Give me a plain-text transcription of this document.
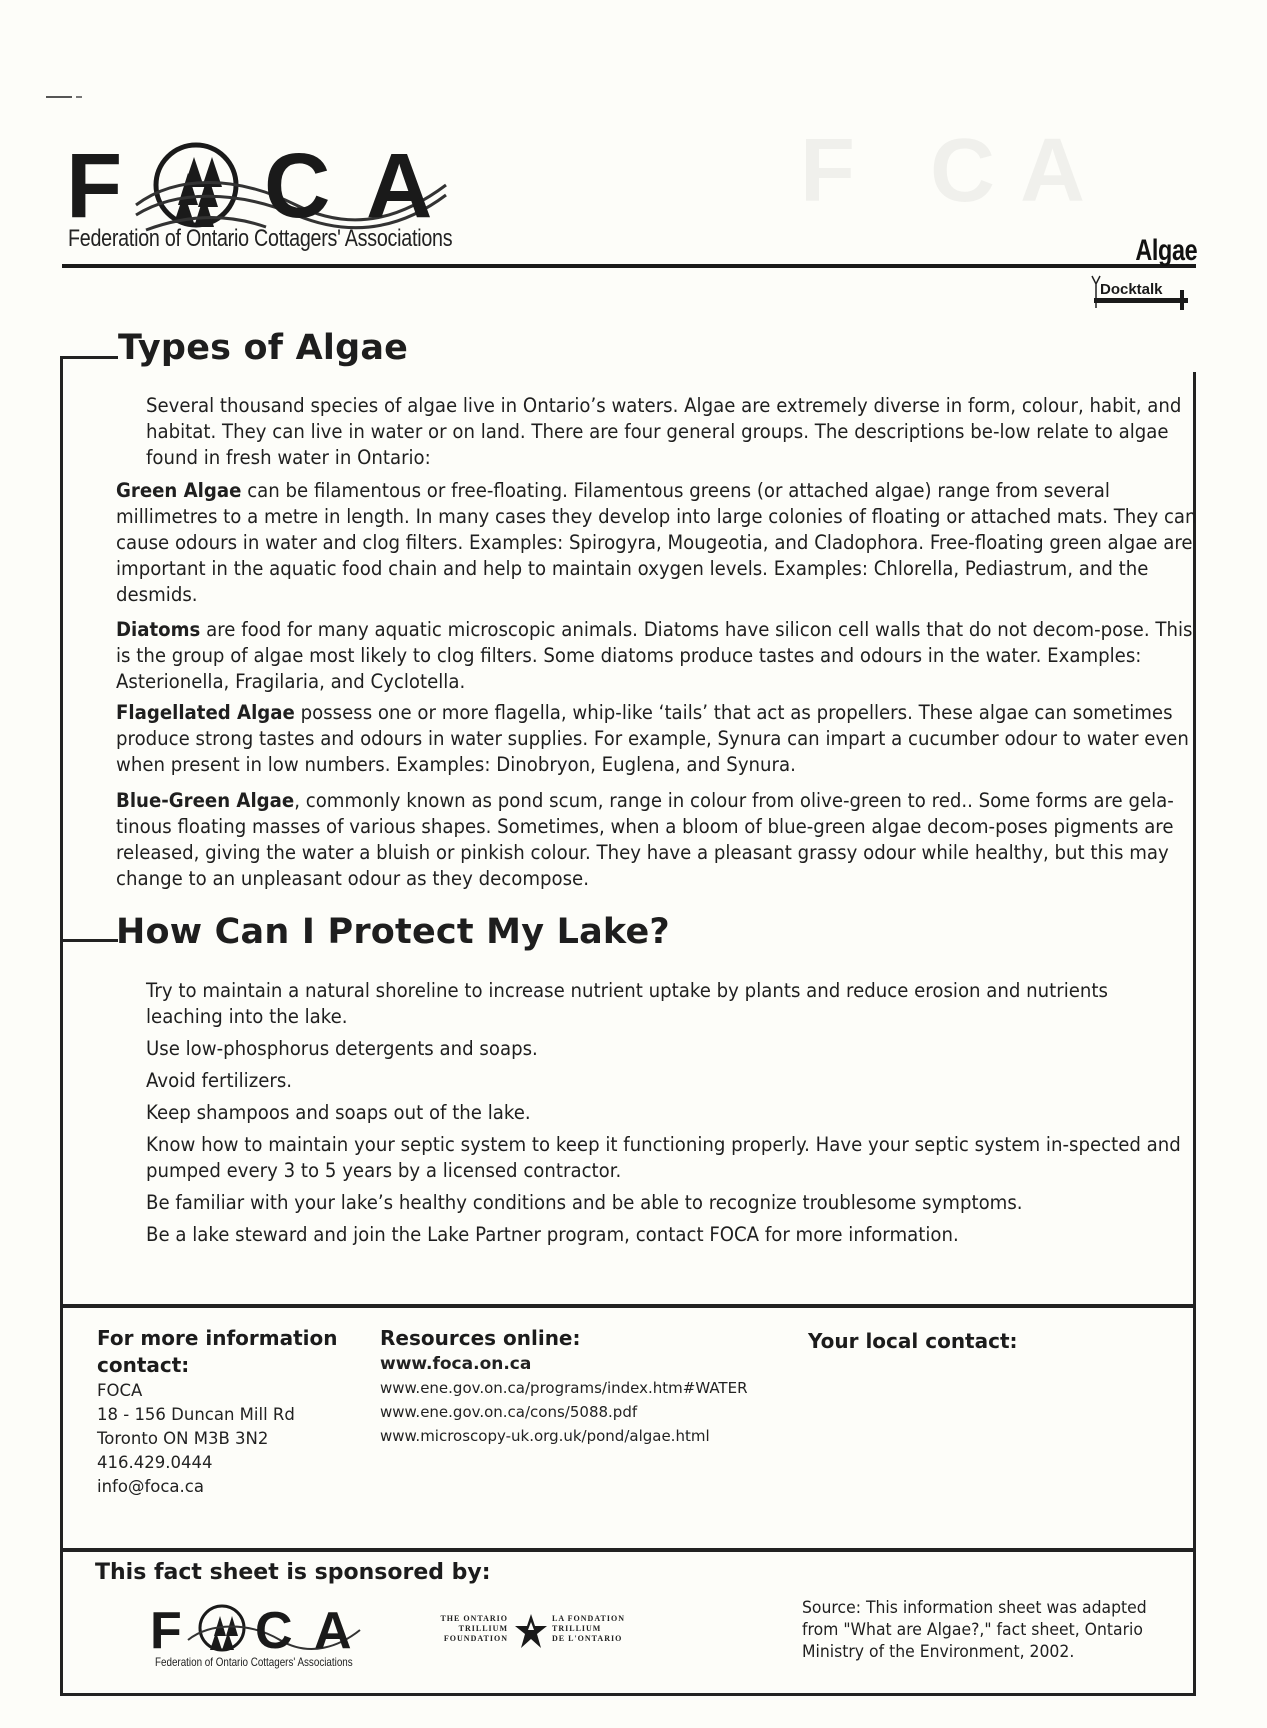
F   C A
F C A
Federation of Ontario Cottagers' Associations	Algae
Docktalk
Types of Algae
Several thousand species of algae live in Ontario’s waters. Algae are extremely diverse in form, colour, habit, and habitat. They can live in water or on land. There are four general groups. The descriptions be-low relate to algae found in fresh water in Ontario:
Green Algae can be filamentous or free-floating. Filamentous greens (or attached algae) range from several millimetres to a metre in length. In many cases they develop into large colonies of floating or attached mats. They can cause odours in water and clog filters. Examples: Spirogyra, Mougeotia, and Cladophora. Free-floating green algae are important in the aquatic food chain and help to maintain oxygen levels. Examples: Chlorella, Pediastrum, and the desmids.
Diatoms are food for many aquatic microscopic animals. Diatoms have silicon cell walls that do not decom-pose. This is the group of algae most likely to clog filters. Some diatoms produce tastes and odours in the water. Examples: Asterionella, Fragilaria, and Cyclotella.
Flagellated Algae possess one or more flagella, whip-like ‘tails’ that act as propellers. These algae can sometimes produce strong tastes and odours in water supplies. For example, Synura can impart a cucumber odour to water even when present in low numbers. Examples: Dinobryon, Euglena, and Synura.
Blue-Green Algae, commonly known as pond scum, range in colour from olive-green to red.. Some forms are gela-tinous floating masses of various shapes. Sometimes, when a bloom of blue-green algae decom-poses pigments are released, giving the water a bluish or pinkish colour. They have a pleasant grassy odour while healthy, but this may change to an unpleasant odour as they decompose.
How Can I Protect My Lake?

Try to maintain a natural shoreline to increase nutrient uptake by plants and reduce erosion and nutrients leaching into the lake.

Use low-phosphorus detergents and soaps.

Avoid fertilizers.

Keep shampoos and soaps out of the lake.

Know how to maintain your septic system to keep it functioning properly. Have your septic system in-spected and pumped every 3 to 5 years by a licensed contractor.

Be familiar with your lake’s healthy conditions and be able to recognize troublesome symptoms.

Be a lake steward and join the Lake Partner program, contact FOCA for more information.

For more information contact:
FOCA
18 - 156 Duncan Mill Rd
Toronto ON M3B 3N2
416.429.0444
info@foca.ca
Resources online:
www.foca.on.ca
www.ene.gov.on.ca/programs/index.htm#WATER
www.ene.gov.on.ca/cons/5088.pdf
www.microscopy-uk.org.uk/pond/algae.html
Your local contact:
This fact sheet is sponsored by:
F C A
Federation of Ontario Cottagers' Associations
THE ONTARIO
TRILLIUM
FOUNDATION
LA FONDATION
TRILLIUM
DE L'ONTARIO
Source: This information sheet was adapted from "What are Algae?," fact sheet, Ontario Ministry of the Environment, 2002.
